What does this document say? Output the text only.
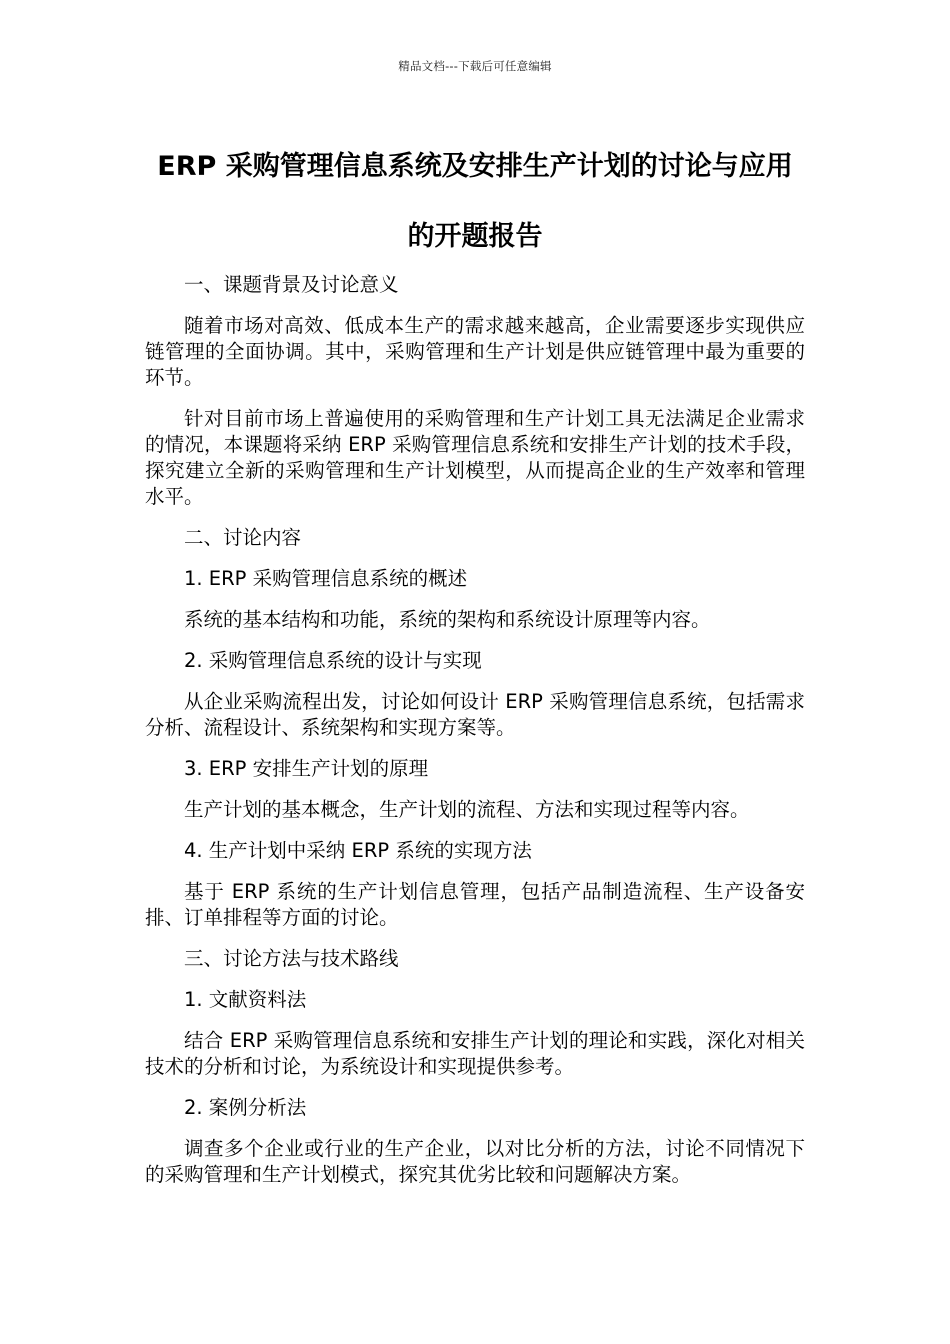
精品文档---下载后可任意编辑
ERP 采购管理信息系统及安排生产计划的讨论与应用的开题报告

一、课题背景及讨论意义

随着市场对高效、低成本生产的需求越来越高，企业需要逐步实现供应链管理的全面协调。其中，采购管理和生产计划是供应链管理中最为重要的环节。

针对目前市场上普遍使用的采购管理和生产计划工具无法满足企业需求的情况，本课题将采纳 ERP 采购管理信息系统和安排生产计划的技术手段，探究建立全新的采购管理和生产计划模型，从而提高企业的生产效率和管理水平。

二、讨论内容

1. ERP 采购管理信息系统的概述

系统的基本结构和功能，系统的架构和系统设计原理等内容。

2. 采购管理信息系统的设计与实现

从企业采购流程出发，讨论如何设计 ERP 采购管理信息系统，包括需求分析、流程设计、系统架构和实现方案等。

3. ERP 安排生产计划的原理

生产计划的基本概念，生产计划的流程、方法和实现过程等内容。

4. 生产计划中采纳 ERP 系统的实现方法

基于 ERP 系统的生产计划信息管理，包括产品制造流程、生产设备安排、订单排程等方面的讨论。

三、讨论方法与技术路线

1. 文献资料法

结合 ERP 采购管理信息系统和安排生产计划的理论和实践，深化对相关技术的分析和讨论，为系统设计和实现提供参考。

2. 案例分析法

调查多个企业或行业的生产企业，以对比分析的方法，讨论不同情况下的采购管理和生产计划模式，探究其优劣比较和问题解决方案。
